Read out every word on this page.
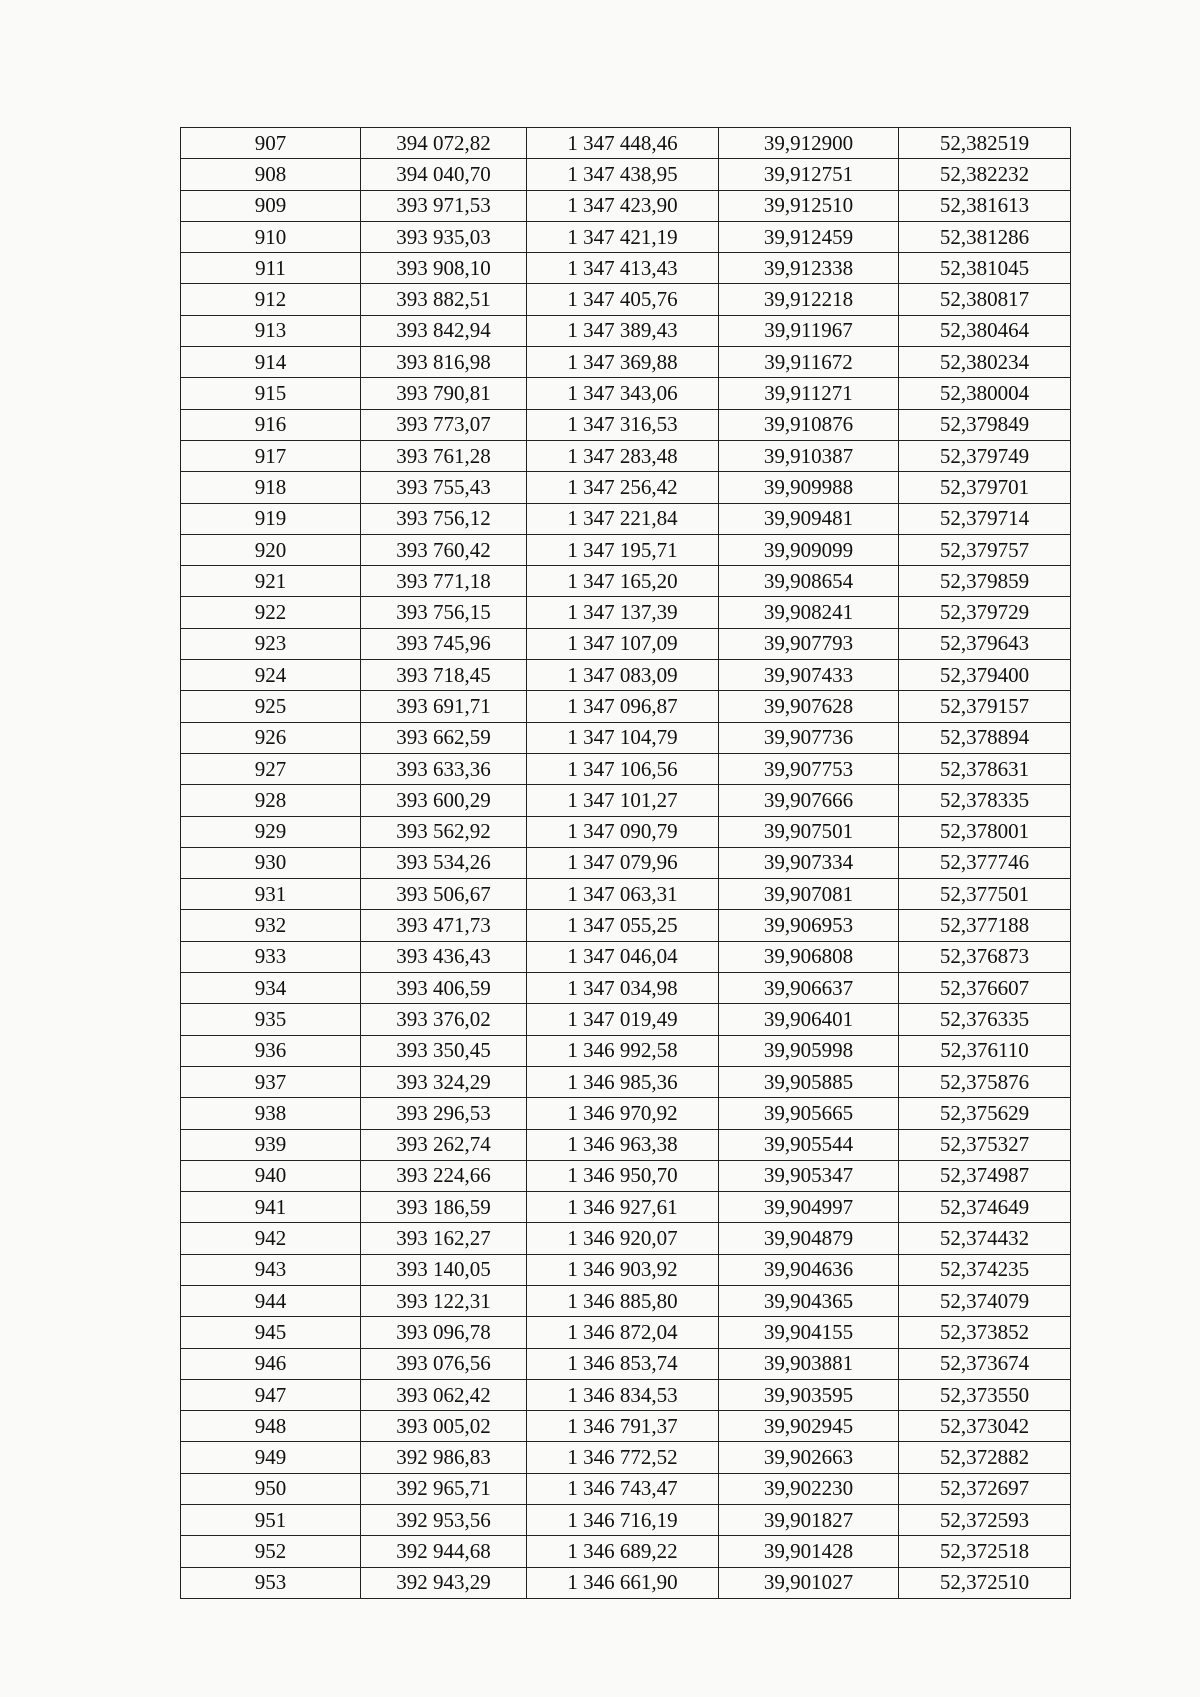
907	394 072,82	1 347 448,46	39,912900	52,382519
908	394 040,70	1 347 438,95	39,912751	52,382232
909	393 971,53	1 347 423,90	39,912510	52,381613
910	393 935,03	1 347 421,19	39,912459	52,381286
911	393 908,10	1 347 413,43	39,912338	52,381045
912	393 882,51	1 347 405,76	39,912218	52,380817
913	393 842,94	1 347 389,43	39,911967	52,380464
914	393 816,98	1 347 369,88	39,911672	52,380234
915	393 790,81	1 347 343,06	39,911271	52,380004
916	393 773,07	1 347 316,53	39,910876	52,379849
917	393 761,28	1 347 283,48	39,910387	52,379749
918	393 755,43	1 347 256,42	39,909988	52,379701
919	393 756,12	1 347 221,84	39,909481	52,379714
920	393 760,42	1 347 195,71	39,909099	52,379757
921	393 771,18	1 347 165,20	39,908654	52,379859
922	393 756,15	1 347 137,39	39,908241	52,379729
923	393 745,96	1 347 107,09	39,907793	52,379643
924	393 718,45	1 347 083,09	39,907433	52,379400
925	393 691,71	1 347 096,87	39,907628	52,379157
926	393 662,59	1 347 104,79	39,907736	52,378894
927	393 633,36	1 347 106,56	39,907753	52,378631
928	393 600,29	1 347 101,27	39,907666	52,378335
929	393 562,92	1 347 090,79	39,907501	52,378001
930	393 534,26	1 347 079,96	39,907334	52,377746
931	393 506,67	1 347 063,31	39,907081	52,377501
932	393 471,73	1 347 055,25	39,906953	52,377188
933	393 436,43	1 347 046,04	39,906808	52,376873
934	393 406,59	1 347 034,98	39,906637	52,376607
935	393 376,02	1 347 019,49	39,906401	52,376335
936	393 350,45	1 346 992,58	39,905998	52,376110
937	393 324,29	1 346 985,36	39,905885	52,375876
938	393 296,53	1 346 970,92	39,905665	52,375629
939	393 262,74	1 346 963,38	39,905544	52,375327
940	393 224,66	1 346 950,70	39,905347	52,374987
941	393 186,59	1 346 927,61	39,904997	52,374649
942	393 162,27	1 346 920,07	39,904879	52,374432
943	393 140,05	1 346 903,92	39,904636	52,374235
944	393 122,31	1 346 885,80	39,904365	52,374079
945	393 096,78	1 346 872,04	39,904155	52,373852
946	393 076,56	1 346 853,74	39,903881	52,373674
947	393 062,42	1 346 834,53	39,903595	52,373550
948	393 005,02	1 346 791,37	39,902945	52,373042
949	392 986,83	1 346 772,52	39,902663	52,372882
950	392 965,71	1 346 743,47	39,902230	52,372697
951	392 953,56	1 346 716,19	39,901827	52,372593
952	392 944,68	1 346 689,22	39,901428	52,372518
953	392 943,29	1 346 661,90	39,901027	52,372510
